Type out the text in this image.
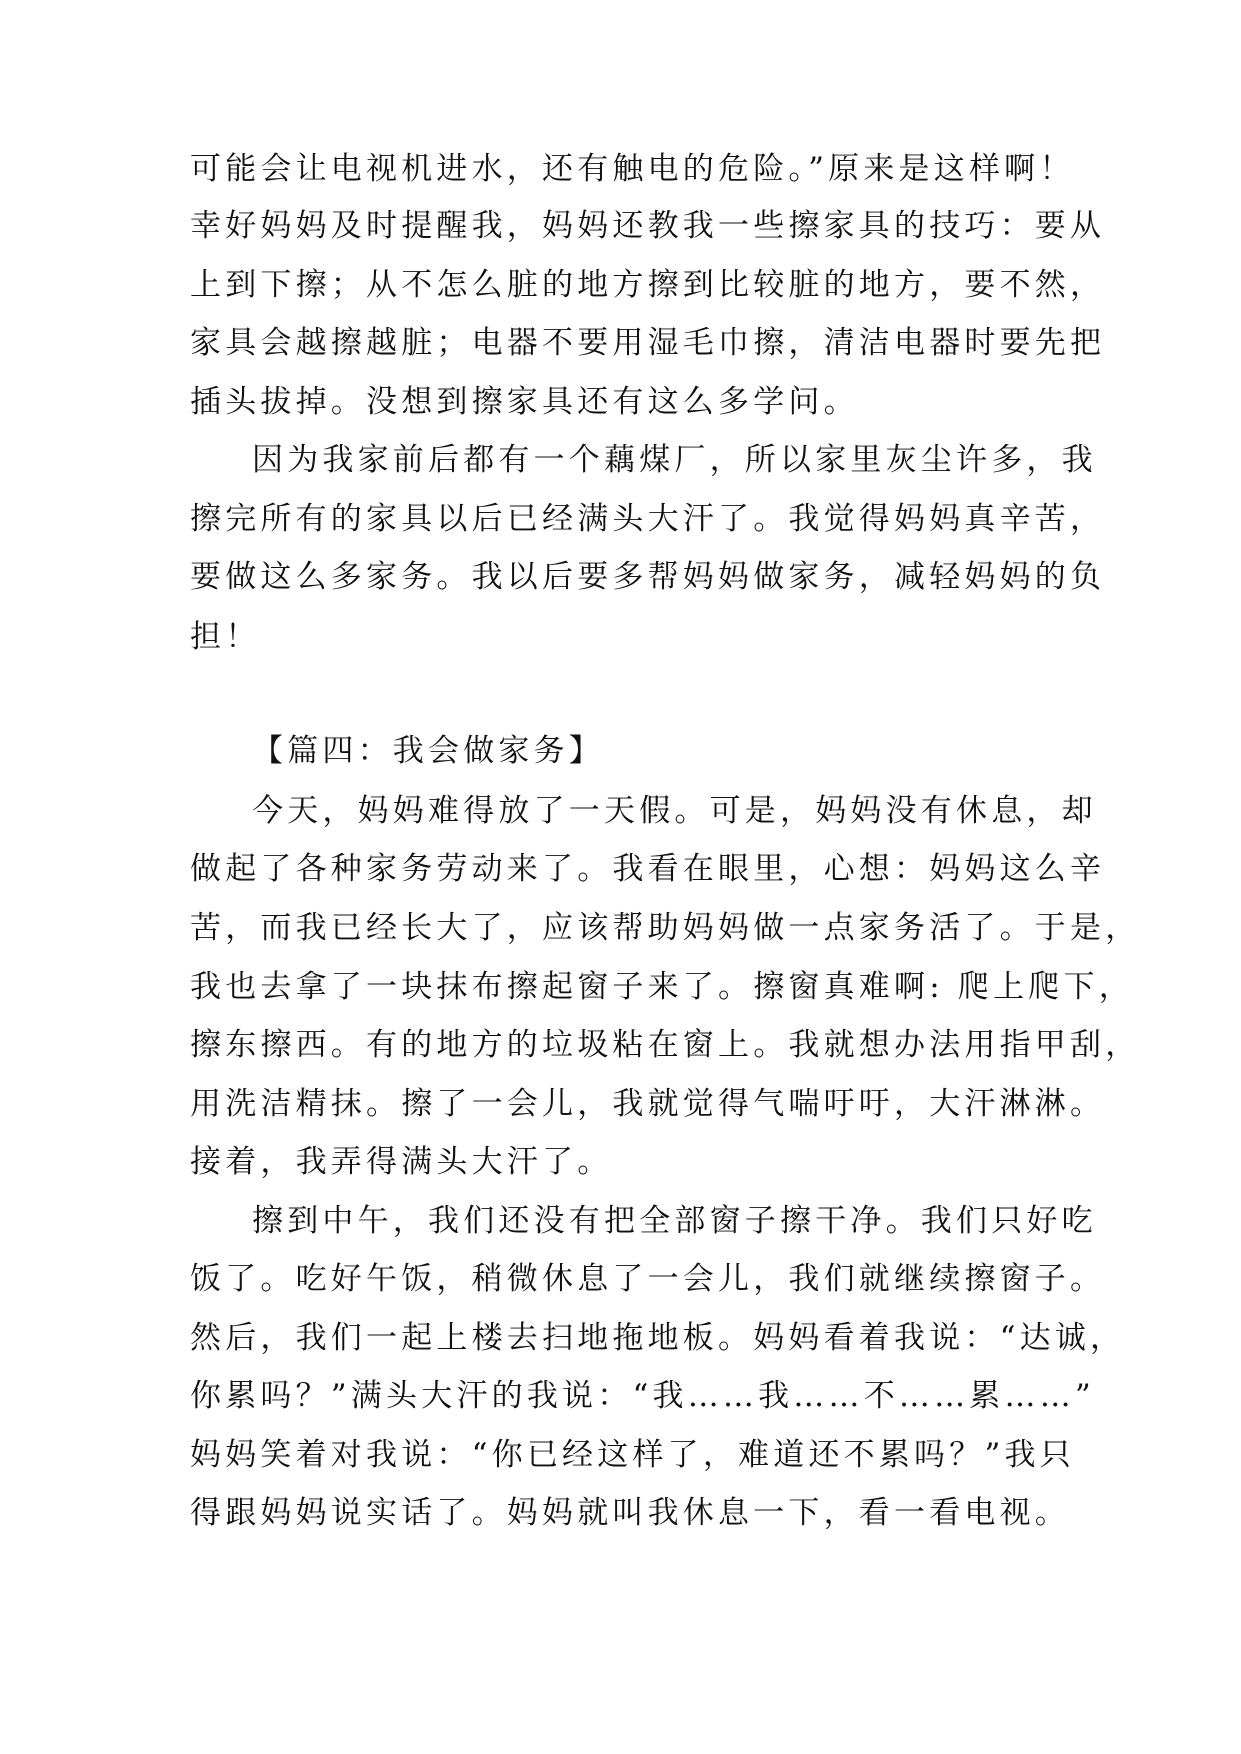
可能会让电视机进水，还有触电的危险。”原来是这样啊！
幸好妈妈及时提醒我，妈妈还教我一些擦家具的技巧：要从
上到下擦；从不怎么脏的地方擦到比较脏的地方，要不然，
家具会越擦越脏；电器不要用湿毛巾擦，清洁电器时要先把
插头拔掉。没想到擦家具还有这么多学问。
因为我家前后都有一个藕煤厂，所以家里灰尘许多，我
擦完所有的家具以后已经满头大汗了。我觉得妈妈真辛苦，
要做这么多家务。我以后要多帮妈妈做家务，减轻妈妈的负
担！
【篇四：我会做家务】
今天，妈妈难得放了一天假。可是，妈妈没有休息，却
做起了各种家务劳动来了。我看在眼里，心想：妈妈这么辛
苦，而我已经长大了，应该帮助妈妈做一点家务活了。于是，
我也去拿了一块抹布擦起窗子来了。擦窗真难啊: 爬上爬下，
擦东擦西。有的地方的垃圾粘在窗上。我就想办法用指甲刮，
用洗洁精抹。擦了一会儿，我就觉得气喘吁吁，大汗淋淋。
接着，我弄得满头大汗了。
擦到中午，我们还没有把全部窗子擦干净。我们只好吃
饭了。吃好午饭，稍微休息了一会儿，我们就继续擦窗子。
然后，我们一起上楼去扫地拖地板。妈妈看着我说：“达诚，
你累吗？”满头大汗的我说：“我……我……不……累……”
妈妈笑着对我说：“你已经这样了，难道还不累吗？”我只
得跟妈妈说实话了。妈妈就叫我休息一下，看一看电视。
